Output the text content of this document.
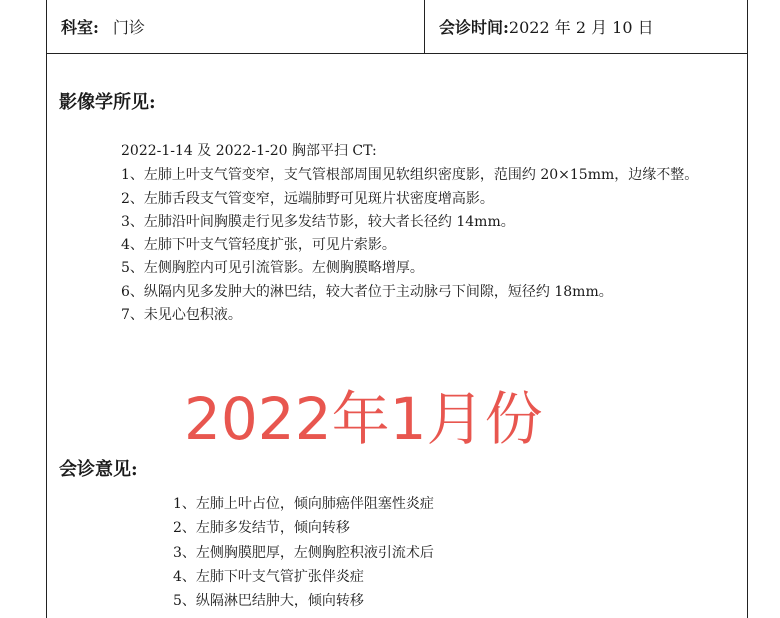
科室: 门诊	会诊时间:2022 年 2 月 10 日
影像学所见:
2022-1-14 及 2022-1-20 胸部平扫 CT:
1、左肺上叶支气管变窄，支气管根部周围见软组织密度影，范围约 20×15mm，边缘不整。
2、左肺舌段支气管变窄，远端肺野可见斑片状密度增高影。
3、左肺沿叶间胸膜走行见多发结节影，较大者长径约 14mm。
4、左肺下叶支气管轻度扩张，可见片索影。
5、左侧胸腔内可见引流管影。左侧胸膜略增厚。
6、纵隔内见多发肿大的淋巴结，较大者位于主动脉弓下间隙，短径约 18mm。
7、未见心包积液。
2022年1月份
会诊意见:
1、左肺上叶占位，倾向肺癌伴阻塞性炎症
2、左肺多发结节，倾向转移
3、左侧胸膜肥厚，左侧胸腔积液引流术后
4、左肺下叶支气管扩张伴炎症
5、纵隔淋巴结肿大，倾向转移
